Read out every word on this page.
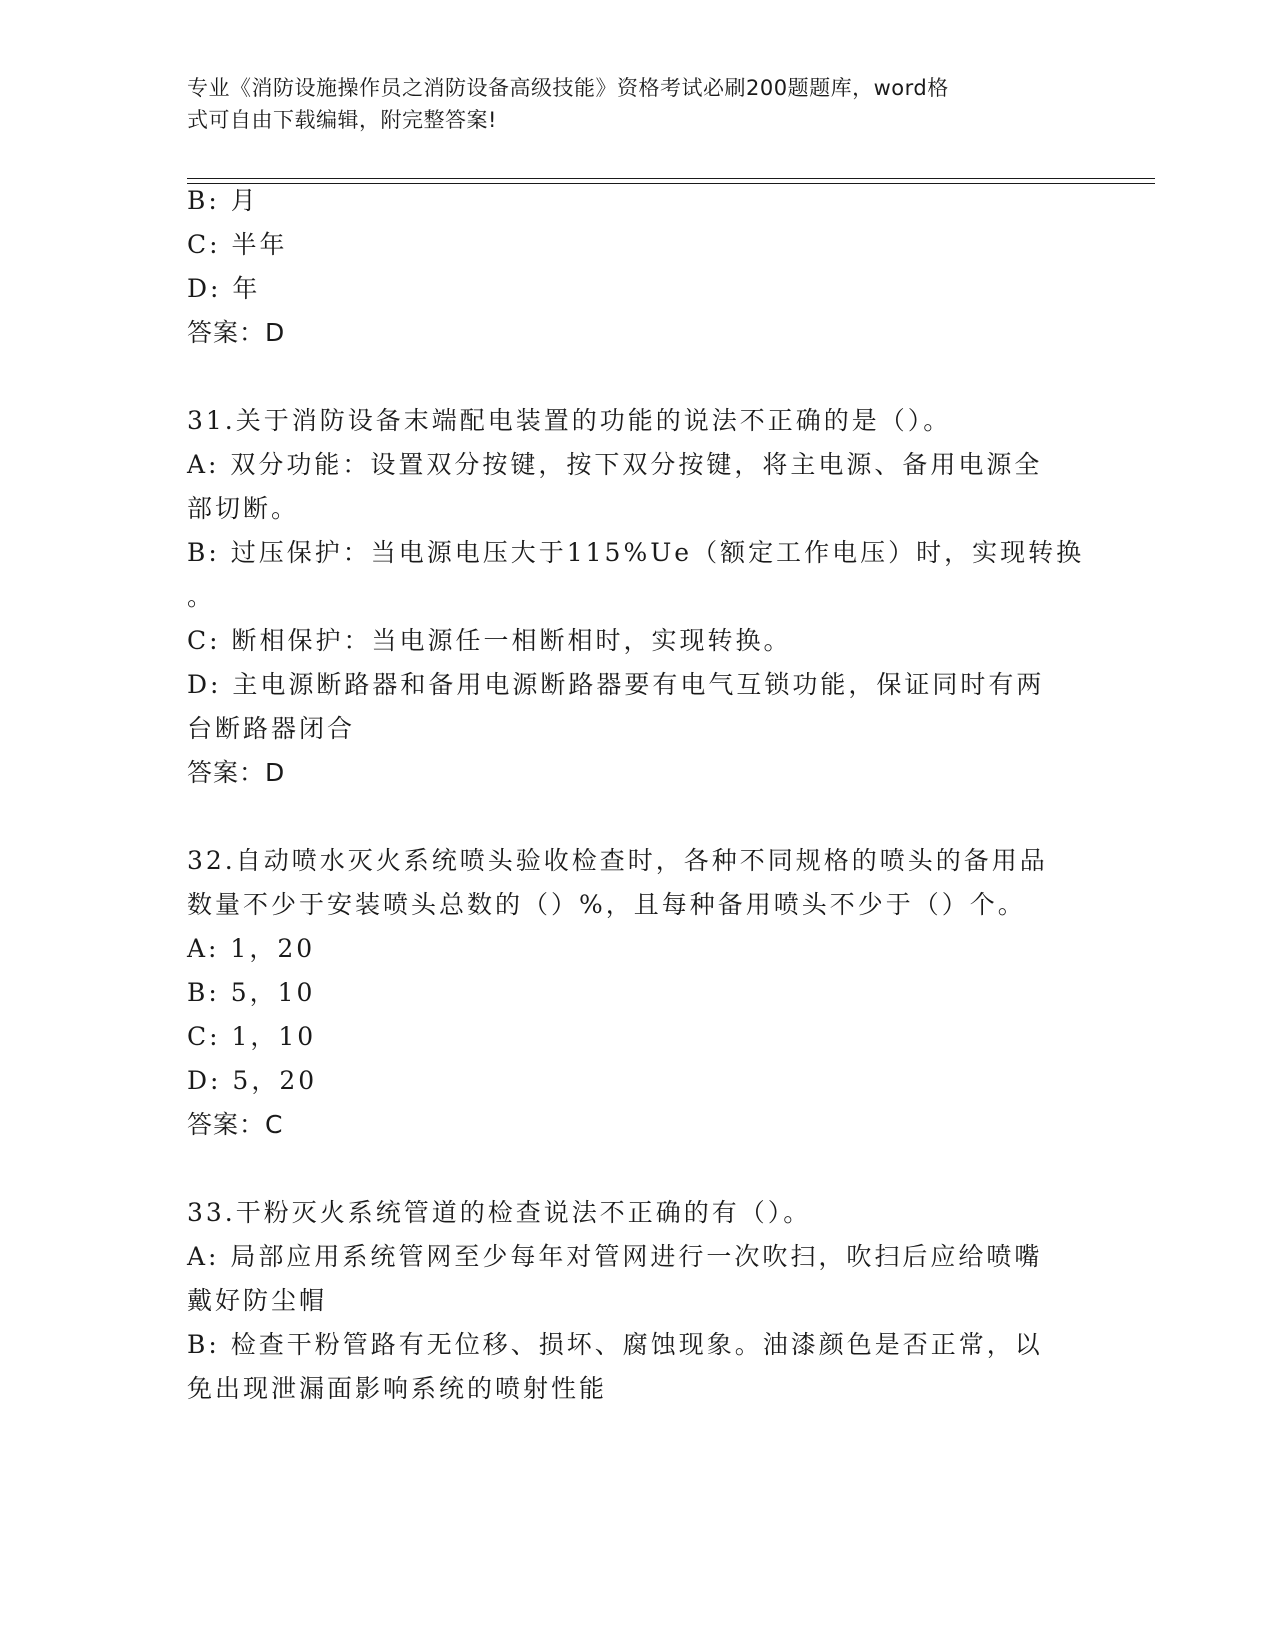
专业《消防设施操作员之消防设备高级技能》资格考试必刷200题题库，word格
式可自由下载编辑，附完整答案!
B: 月
C: 半年
D: 年
答案：D
31.关于消防设备末端配电装置的功能的说法不正确的是（）。
A: 双分功能：设置双分按键，按下双分按键，将主电源、备用电源全
部切断。
B: 过压保护：当电源电压大于115%Ue（额定工作电压）时，实现转换
。
C: 断相保护：当电源任一相断相时，实现转换。
D: 主电源断路器和备用电源断路器要有电气互锁功能，保证同时有两
台断路器闭合
答案：D
32.自动喷水灭火系统喷头验收检查时，各种不同规格的喷头的备用品
数量不少于安装喷头总数的（）%，且每种备用喷头不少于（）个。
A: 1，20
B: 5，10
C: 1，10
D: 5，20
答案：C
33.干粉灭火系统管道的检查说法不正确的有（）。
A: 局部应用系统管网至少每年对管网进行一次吹扫，吹扫后应给喷嘴
戴好防尘帽
B: 检查干粉管路有无位移、损坏、腐蚀现象。油漆颜色是否正常，以
免出现泄漏面影响系统的喷射性能
